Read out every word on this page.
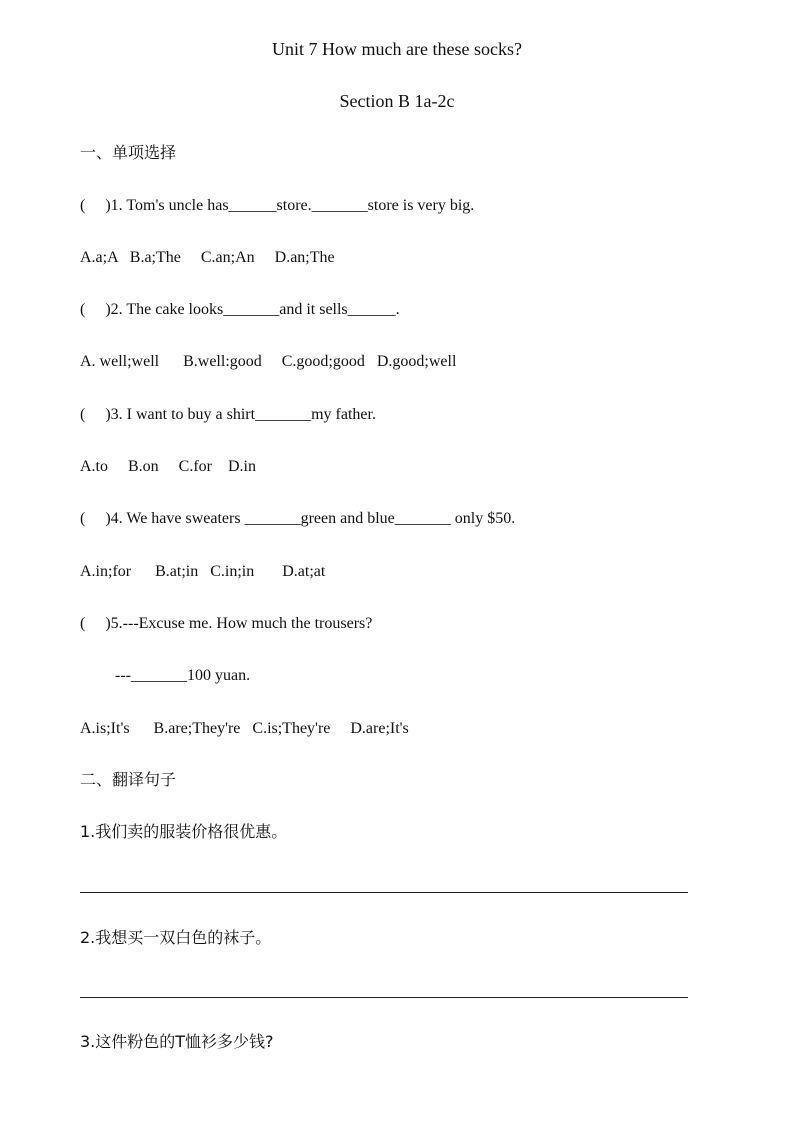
Unit 7 How much are these socks?
Section B 1a-2c
一、单项选择
(     )1. Tom's uncle has______store._______store is very big.
A.a;A   B.a;The     C.an;An     D.an;The
(     )2. The cake looks_______and it sells______.
A. well;well      B.well:good     C.good;good   D.good;well
(     )3. I want to buy a shirt_______my father.
A.to     B.on     C.for    D.in
(     )4. We have sweaters _______green and blue_______ only $50.
A.in;for      B.at;in   C.in;in       D.at;at
(     )5.---Excuse me. How much the trousers?
---_______100 yuan.
A.is;It's      B.are;They're   C.is;They're     D.are;It's
二、翻译句子
1.我们卖的服装价格很优惠。
2.我想买一双白色的袜子。
3.这件粉色的T恤衫多少钱?
